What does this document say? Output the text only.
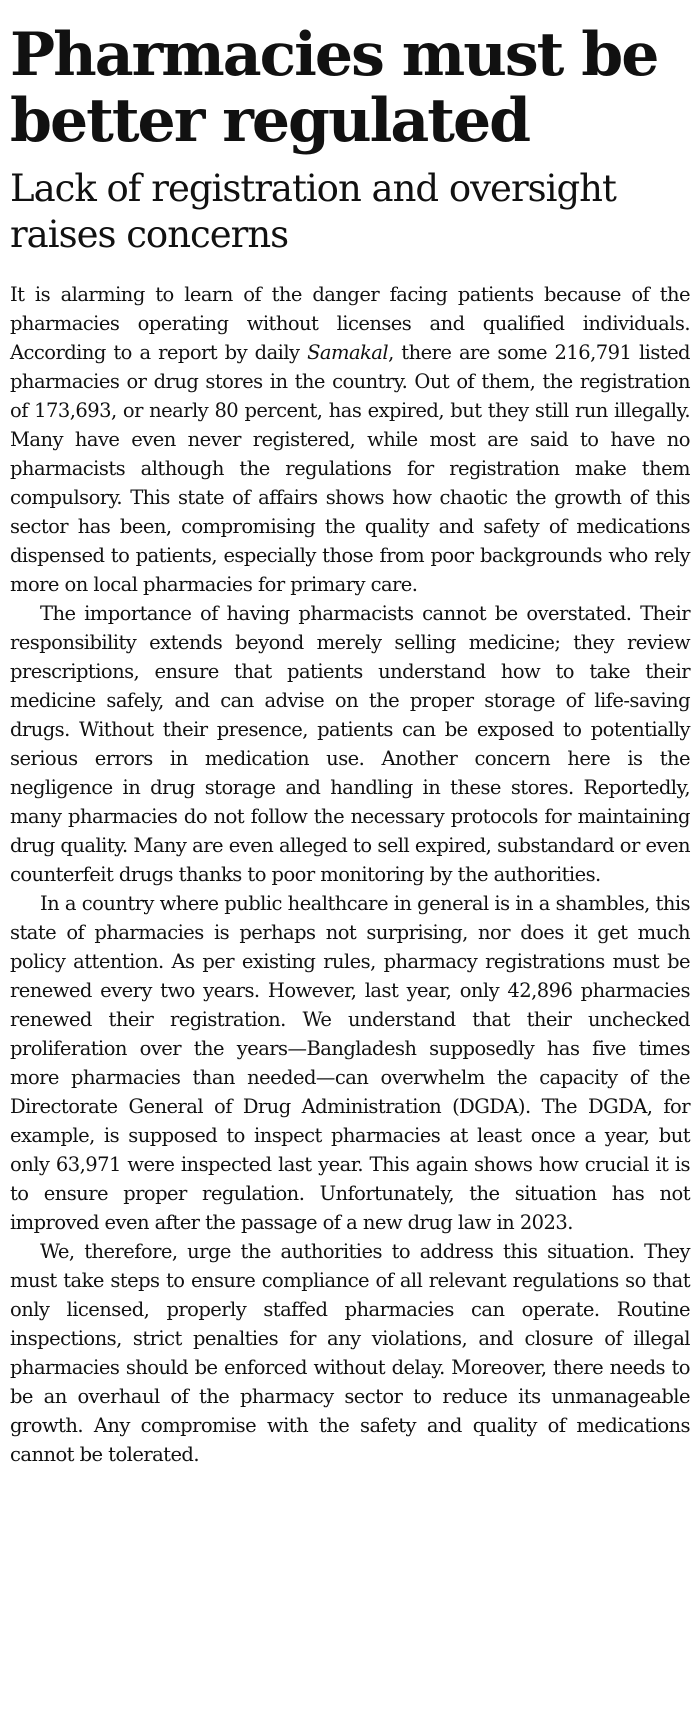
Pharmacies must be better regulated
Lack of registration and oversight raises concerns

It is alarming to learn of the danger facing patients because of the pharmacies operating without licenses and qualified individuals. According to a report by daily Samakal, there are some 216,791 listed pharmacies or drug stores in the country. Out of them, the registration of 173,693, or nearly 80 percent, has expired, but they still run illegally. Many have even never registered, while most are said to have no pharmacists although the regulations for registration make them compulsory. This state of affairs shows how chaotic the growth of this sector has been, compromising the quality and safety of medications dispensed to patients, especially those from poor backgrounds who rely more on local pharmacies for primary care.

The importance of having pharmacists cannot be overstated. Their responsibility extends beyond merely selling medicine; they review prescriptions, ensure that patients understand how to take their medicine safely, and can advise on the proper storage of life-saving drugs. Without their presence, patients can be exposed to potentially serious errors in medication use. Another concern here is the negligence in drug storage and handling in these stores. Reportedly, many pharmacies do not follow the necessary protocols for maintaining drug quality. Many are even alleged to sell expired, substandard or even counterfeit drugs thanks to poor monitoring by the authorities.

In a country where public healthcare in general is in a shambles, this state of pharmacies is perhaps not surprising, nor does it get much policy attention. As per existing rules, pharmacy registrations must be renewed every two years. However, last year, only 42,896 pharmacies renewed their registration. We understand that their unchecked proliferation over the years—Bangladesh supposedly has five times more pharmacies than needed—can overwhelm the capacity of the Directorate General of Drug Administration (DGDA). The DGDA, for example, is supposed to inspect pharmacies at least once a year, but only 63,971 were inspected last year. This again shows how crucial it is to ensure proper regulation. Unfortunately, the situation has not improved even after the passage of a new drug law in 2023.

We, therefore, urge the authorities to address this situation. They must take steps to ensure compliance of all relevant regulations so that only licensed, properly staffed pharmacies can operate. Routine inspections, strict penalties for any violations, and closure of illegal pharmacies should be enforced without delay. Moreover, there needs to be an overhaul of the pharmacy sector to reduce its unmanageable growth. Any compromise with the safety and quality of medications cannot be tolerated.
